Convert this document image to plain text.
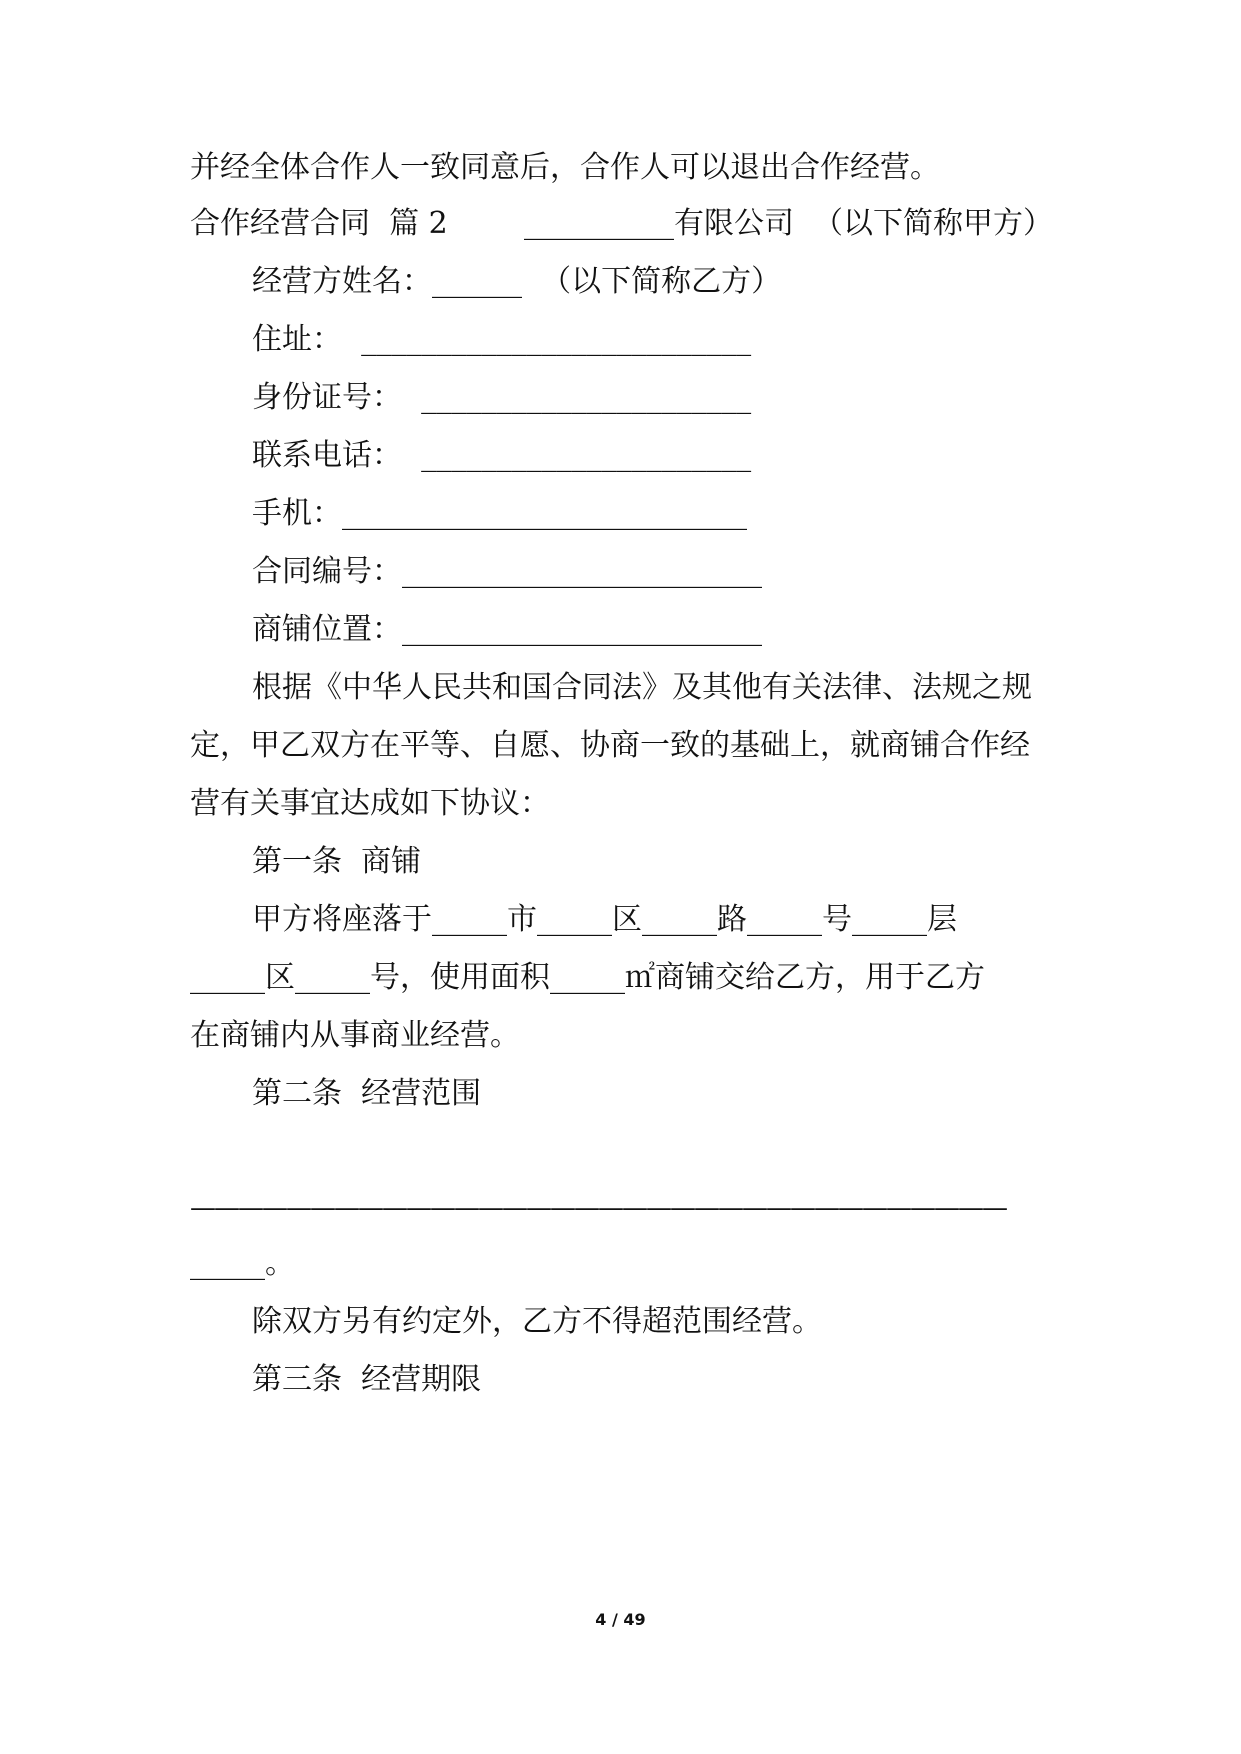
并经全体合作人一致同意后，合作人可以退出合作经营。
合作经营合同  篇 2        __________有限公司  （以下简称甲方）
经营方姓名：______  （以下简称乙方）
住址：  __________________________
身份证号：  ______________________
联系电话：  ______________________
手机：___________________________
合同编号：________________________
商铺位置：________________________
根据《中华人民共和国合同法》及其他有关法律、法规之规
定，甲乙双方在平等、自愿、协商一致的基础上，就商铺合作经
营有关事宜达成如下协议：
第一条  商铺
甲方将座落于_____市_____区_____路_____号_____层
_____区_____号，使用面积_____㎡商铺交给乙方，用于乙方
在商铺内从事商业经营。
第二条  经营范围
——————————————————————————————————
_____。
除双方另有约定外，乙方不得超范围经营。
第三条  经营期限
4 / 49
